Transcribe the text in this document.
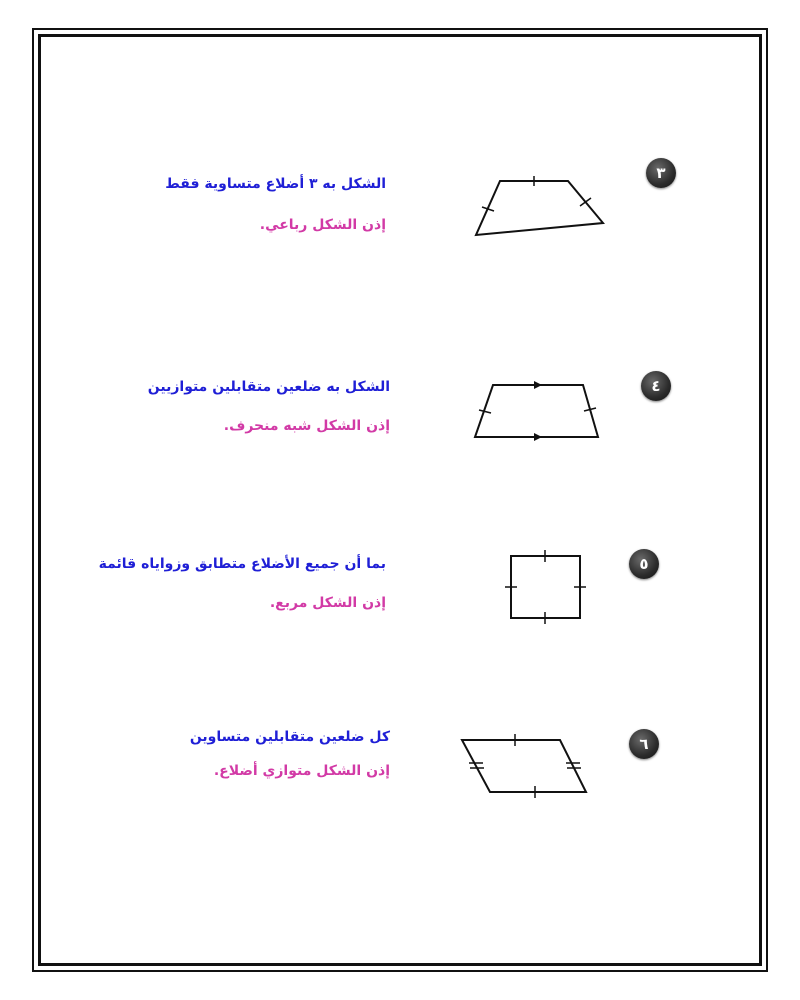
٣
الشكل به ٣ أضلاع متساوية فقط
إذن الشكل رباعي.
٤
الشكل به ضلعين متقابلين متوازيين
إذن الشكل شبه منحرف.
٥
بما أن جميع الأضلاع متطابق وزواياه قائمة
إذن الشكل مربع.
٦
كل ضلعين متقابلين متساوين
إذن الشكل متوازي أضلاع.
